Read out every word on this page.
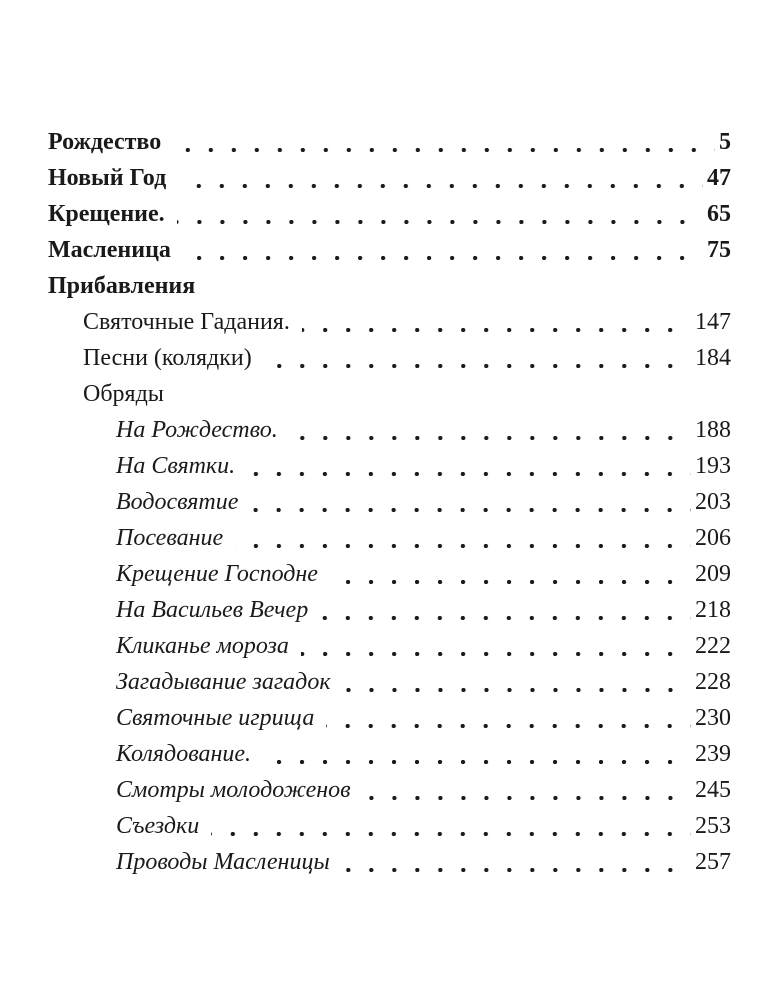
Рождество	5
Новый Год	47
Крещение.	65
Масленица	75
Прибавления
Святочные Гадания.	147
Песни (колядки)	184
Обряды
На Рождество.	188
На Святки.	193
Водосвятие	203
Посевание	206
Крещение Господне	209
На Васильев Вечер	218
Кликанье мороза	222
Загадывание загадок	228
Святочные игрища	230
Колядование.	239
Смотры молодоженов	245
Съездки	253
Проводы Масленицы	257
